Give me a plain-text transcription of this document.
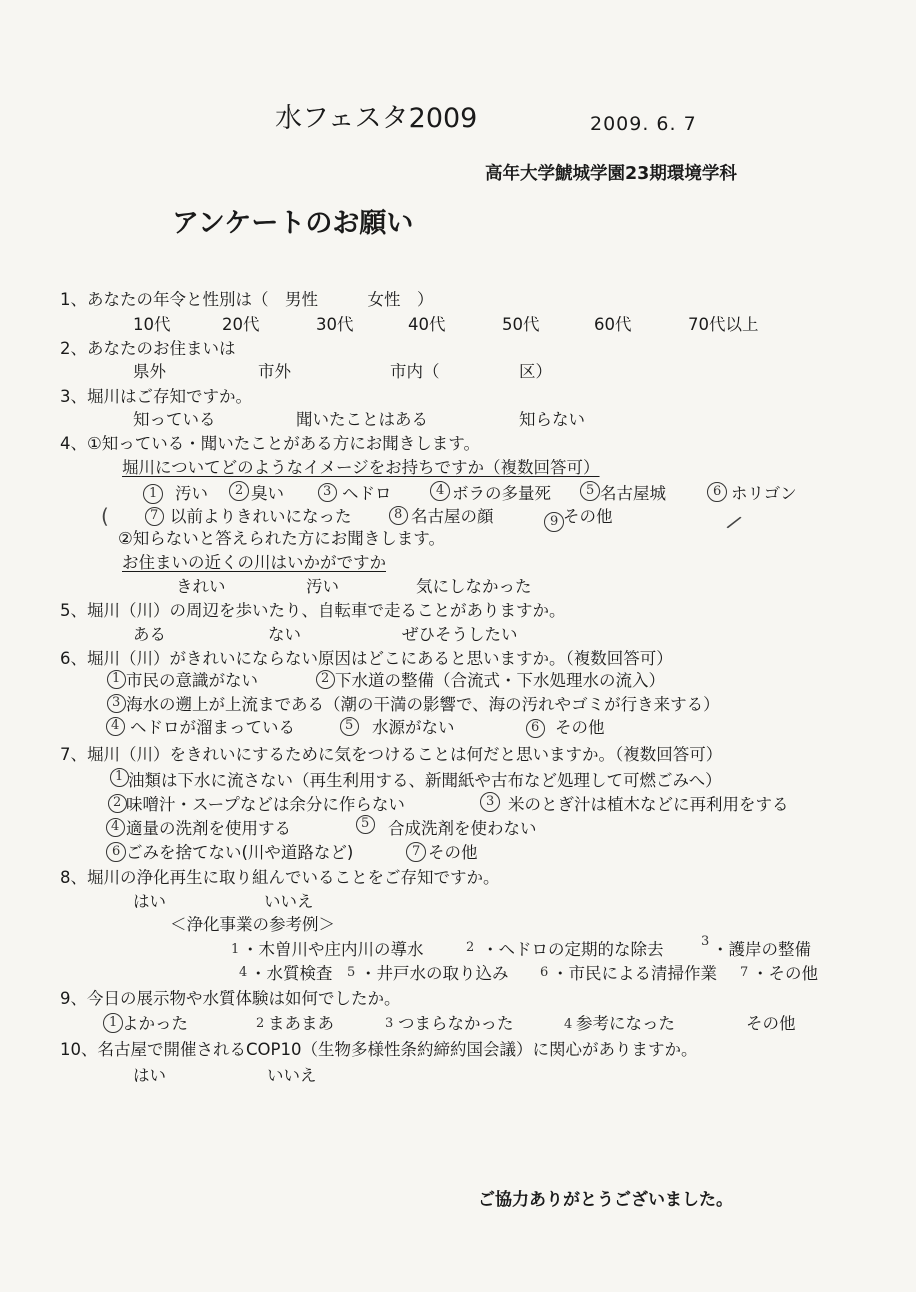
水フェスタ2009	2009. 6. 7
高年大学鯱城学園23期環境学科
アンケートのお願い
1、あなたの年令と性別は（　男性　　　女性　）
10代	20代	30代	40代	50代	60代	70代以上
2、あなたのお住まいは
県外	市外	市内（	区）
3、堀川はご存知ですか。
知っている	聞いたことはある	知らない
4、①知っている・聞いたことがある方にお聞きします。
堀川についてどのようなイメージをお持ちですか（複数回答可）
1 汚い 2 臭い	3 ヘドロ	4 ボラの多量死	5 名古屋城	6 ホリゴン
(	7 以前よりきれいになった	8 名古屋の顔	9 その他	/
②知らないと答えられた方にお聞きします。
お住まいの近くの川はいかがですか
きれい	汚い	気にしなかった
5、堀川（川）の周辺を歩いたり、自転車で走ることがありますか。
ある	ない	ぜひそうしたい
6、堀川（川）がきれいにならない原因はどこにあると思いますか。（複数回答可）
1 市民の意識がない	2 下水道の整備（合流式・下水処理水の流入）
3 海水の遡上が上流まである（潮の干満の影響で、海の汚れやゴミが行き来する）
4 ヘドロが溜まっている	5 水源がない	6 その他
7、堀川（川）をきれいにするために気をつけることは何だと思いますか。（複数回答可）
1 油類は下水に流さない（再生利用する、新聞紙や古布など処理して可燃ごみへ）
2 味噌汁・スープなどは余分に作らない	3 米のとぎ汁は植木などに再利用をする
4 適量の洗剤を使用する	5 合成洗剤を使わない
6 ごみを捨てない(川や道路など)	7 その他
8、堀川の浄化再生に取り組んでいることをご存知ですか。
はい	いいえ
＜浄化事業の参考例＞
1 ・木曽川や庄内川の導水	2 ・ヘドロの定期的な除去	3 ・護岸の整備
4 ・水質検査 5 ・井戸水の取り込み 6 ・市民による清掃作業 7 ・その他
9、今日の展示物や水質体験は如何でしたか。
1 よかった	2 まあまあ	3 つまらなかった	4 参考になった	その他
10、名古屋で開催されるCOP10（生物多様性条約締約国会議）に関心がありますか。
はい	いいえ
ご協力ありがとうございました。
